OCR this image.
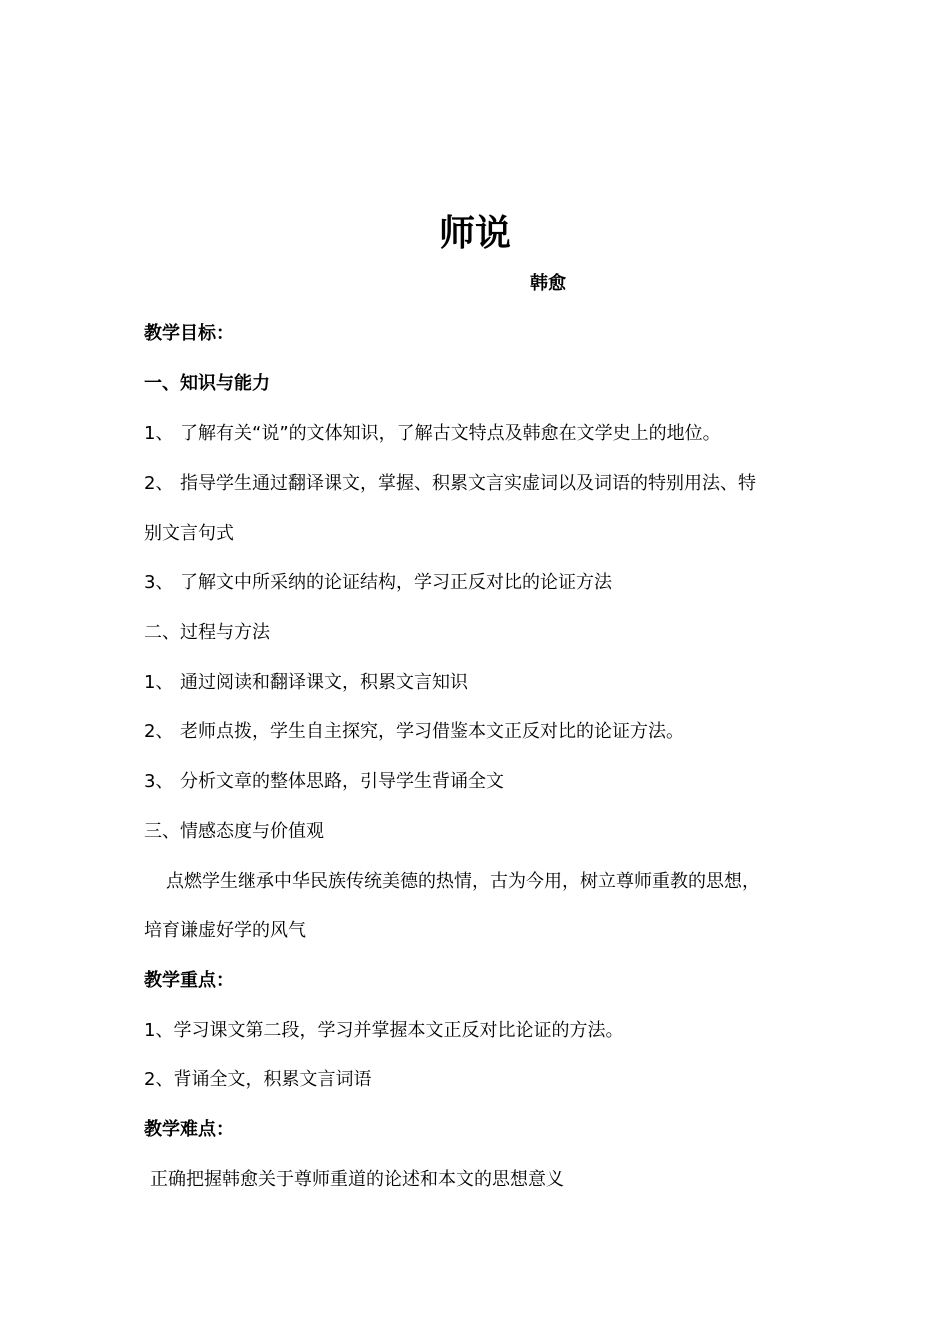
师说
韩愈
教学目标：
一、知识与能力
1、 了解有关“说”的文体知识，了解古文特点及韩愈在文学史上的地位。
2、 指导学生通过翻译课文，掌握、积累文言实虚词以及词语的特别用法、特
别文言句式
3、 了解文中所采纳的论证结构，学习正反对比的论证方法
二、过程与方法
1、 通过阅读和翻译课文，积累文言知识
2、 老师点拨，学生自主探究，学习借鉴本文正反对比的论证方法。
3、 分析文章的整体思路，引导学生背诵全文
三、情感态度与价值观
点燃学生继承中华民族传统美德的热情，古为今用，树立尊师重教的思想，
培育谦虚好学的风气
教学重点：
1、学习课文第二段，学习并掌握本文正反对比论证的方法。
2、背诵全文，积累文言词语
教学难点：
正确把握韩愈关于尊师重道的论述和本文的思想意义
